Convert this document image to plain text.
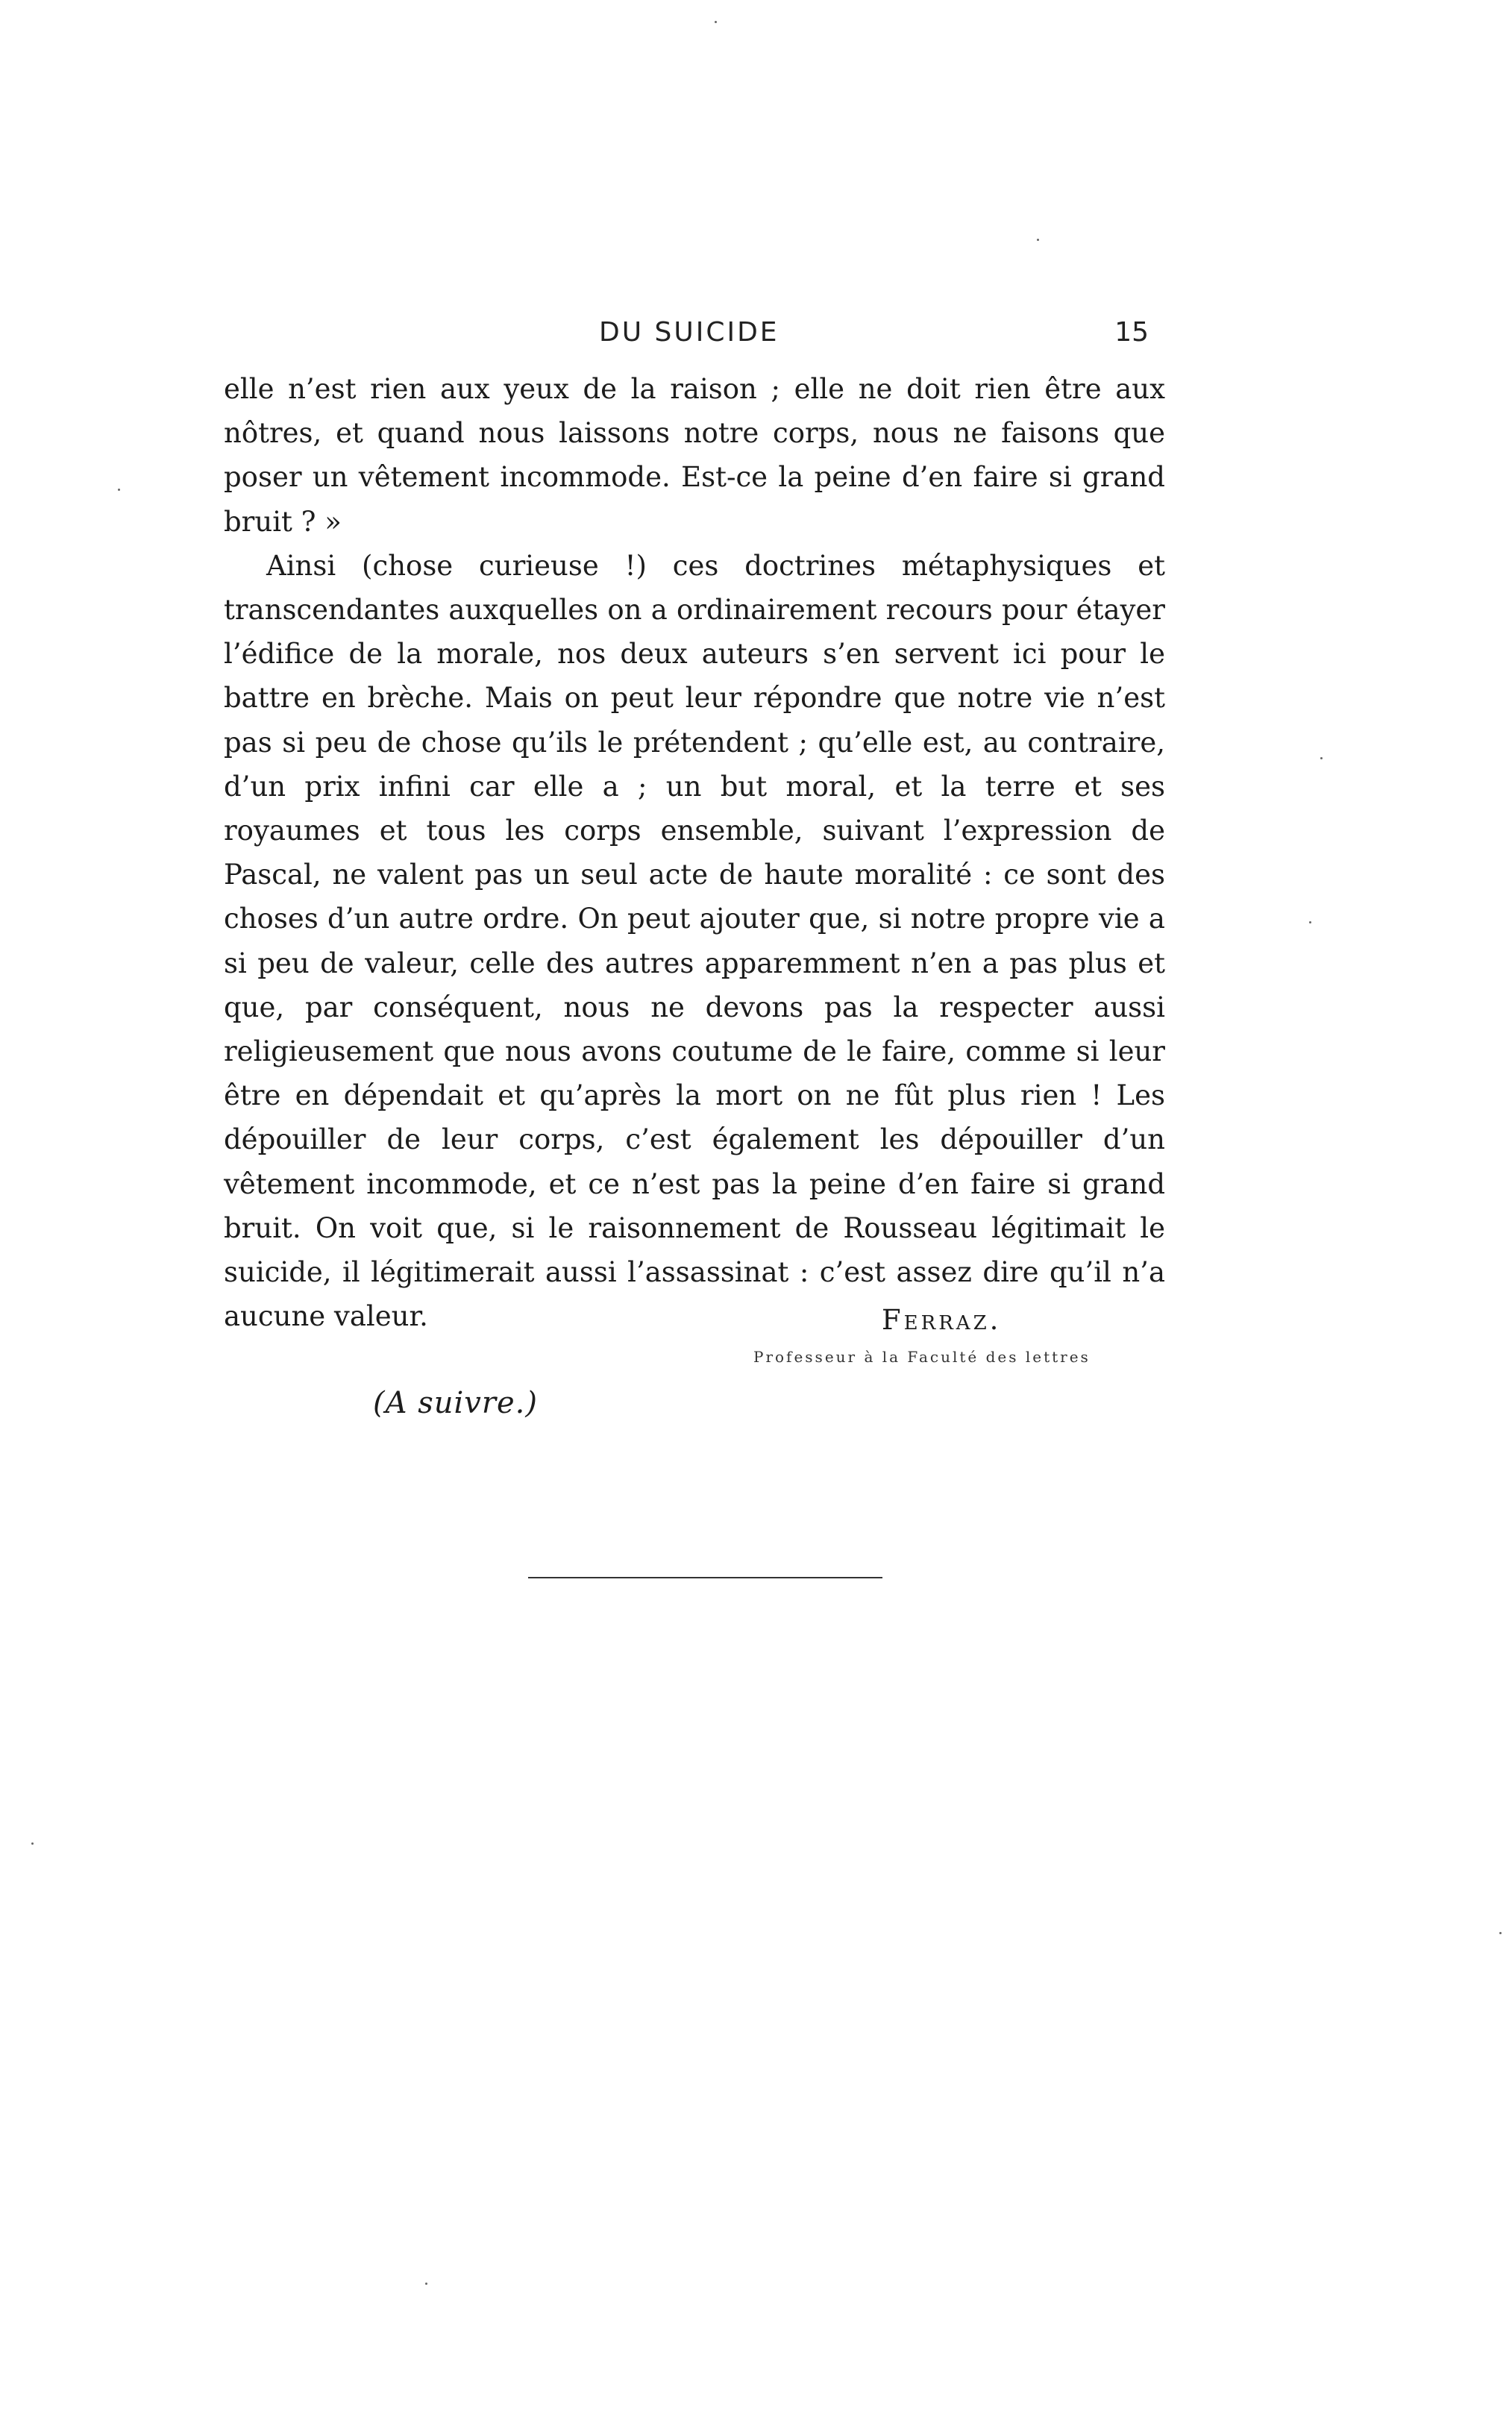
DU SUICIDE	15

elle n’est rien aux yeux de la raison ; elle ne doit rien être aux nôtres, et quand nous laissons notre corps, nous ne faisons que poser un vêtement incommode. Est-ce la peine d’en faire si grand bruit ? »

Ainsi (chose curieuse !) ces doctrines métaphysiques et transcendantes auxquelles on a ordinairement recours pour étayer l’édifice de la morale, nos deux auteurs s’en servent ici pour le battre en brèche. Mais on peut leur répondre que notre vie n’est pas si peu de chose qu’ils le prétendent ; qu’elle est, au contraire, d’un prix infini car elle a ; un but moral, et la terre et ses royaumes et tous les corps ensemble, suivant l’expression de Pascal, ne valent pas un seul acte de haute moralité : ce sont des choses d’un autre ordre. On peut ajouter que, si notre propre vie a si peu de valeur, celle des autres apparemment n’en a pas plus et que, par conséquent, nous ne devons pas la respecter aussi religieusement que nous avons coutume de le faire, comme si leur être en dépendait et qu’après la mort on ne fût plus rien ! Les dépouiller de leur corps, c’est également les dépouiller d’un vêtement incommode, et ce n’est pas la peine d’en faire si grand bruit. On voit que, si le raisonnement de Rousseau légitimait le suicide, il légitimerait aussi l’assassinat : c’est assez dire qu’il n’a aucune valeur.	Ferraz.
Professeur à la Faculté des lettres
(A suivre.)
